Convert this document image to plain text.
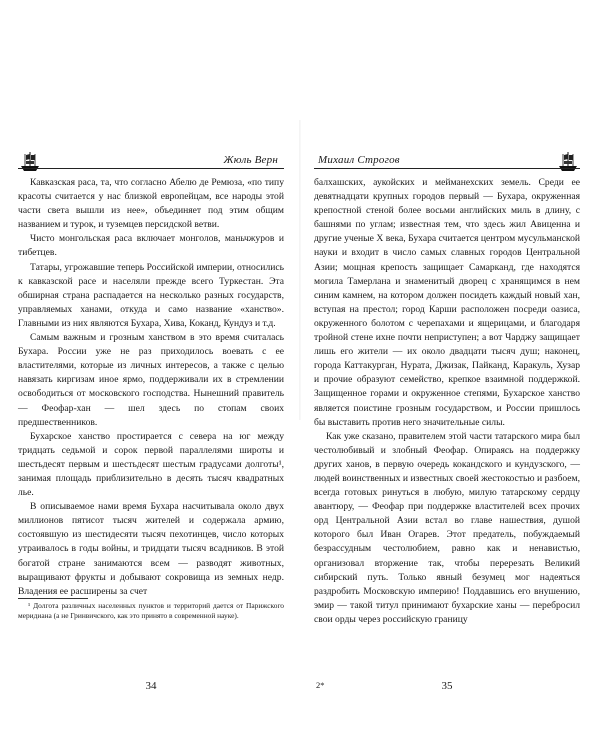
Жюль Верн

Кавказская раса, та, что согласно Абелю де Ремюза, «по типу красоты считается у нас близкой европейцам, все народы этой части света вышли из нее», объединяет под этим общим названием и турок, и туземцев персидской ветви.

Чисто монгольская раса включает монголов, маньчжуров и тибетцев.

Татары, угрожавшие теперь Российской империи, относились к кавказской расе и населяли прежде всего Туркестан. Эта обширная страна распадается на несколько разных государств, управляемых ханами, откуда и само название «ханство». Главными из них являются Бухара, Хива, Коканд, Кундуз и т.д.

Самым важным и грозным ханством в это время считалась Бухара. России уже не раз приходилось воевать с ее властителями, которые из личных интересов, а также с целью навязать киргизам иное ярмо, поддерживали их в стремлении освободиться от московского господства. Нынешний правитель — Феофар-хан — шел здесь по стопам своих предшественников.

Бухарское ханство простирается с севера на юг между тридцать седьмой и сорок первой параллелями широты и шестьдесят первым и шестьдесят шестым градусами долготы¹, занимая площадь приблизительно в десять тысяч квадратных лье.

В описываемое нами время Бухара насчитывала около двух миллионов пятисот тысяч жителей и содержала армию, состоявшую из шестидесяти тысяч пехотинцев, число которых утраивалось в годы войны, и тридцати тысяч всадников. В этой богатой стране занимаются всем — разводят животных, выращивают фрукты и добывают сокровища из земных недр. Владения ее расширены за счет

¹ Долгота различных населенных пунктов и территорий дается от Парижского меридиана (а не Гринвичского, как это принято в современной науке).

34
Михаил Строгов

балхашских, аукойских и мейманехских земель. Среди ее девятнадцати крупных городов первый — Бухара, окруженная крепостной стеной более восьми английских миль в длину, с башнями по углам; известная тем, что здесь жил Авиценна и другие ученые X века, Бухара считается центром мусульманской науки и входит в число самых славных городов Центральной Азии; мощная крепость защищает Самарканд, где находятся могила Тамерлана и знаменитый дворец с хранящимся в нем синим камнем, на котором должен посидеть каждый новый хан, вступая на престол; город Карши расположен посреди оазиса, окруженного болотом с черепахами и ящерицами, и благодаря тройной стене ихне почти неприступен; а вот Чарджу защищает лишь его жители — их около двадцати тысяч душ; наконец, города Каттакурган, Нурата, Джизак, Пайканд, Каракуль, Хузар и прочие образуют семейство, крепкое взаимной поддержкой. Защищенное горами и окруженное степями, Бухарское ханство является поистине грозным государством, и России пришлось бы выставить против него значительные силы.

Как уже сказано, правителем этой части татарского мира был честолюбивый и злобный Феофар. Опираясь на поддержку других ханов, в первую очередь кокандского и кундузского, — людей воинственных и известных своей жестокостью и разбоем, всегда готовых ринуться в любую, милую татарскому сердцу авантюру, — Феофар при поддержке властителей всех прочих орд Центральной Азии встал во главе нашествия, душой которого был Иван Огарев. Этот предатель, побуждаемый безрассудным честолюбием, равно как и ненавистью, организовал вторжение так, чтобы перерезать Великий сибирский путь. Только явный безумец мог надеяться раздробить Московскую империю! Поддавшись его внушению, эмир — такой титул принимают бухарские ханы — перебросил свои орды через российскую границу

2*	35
